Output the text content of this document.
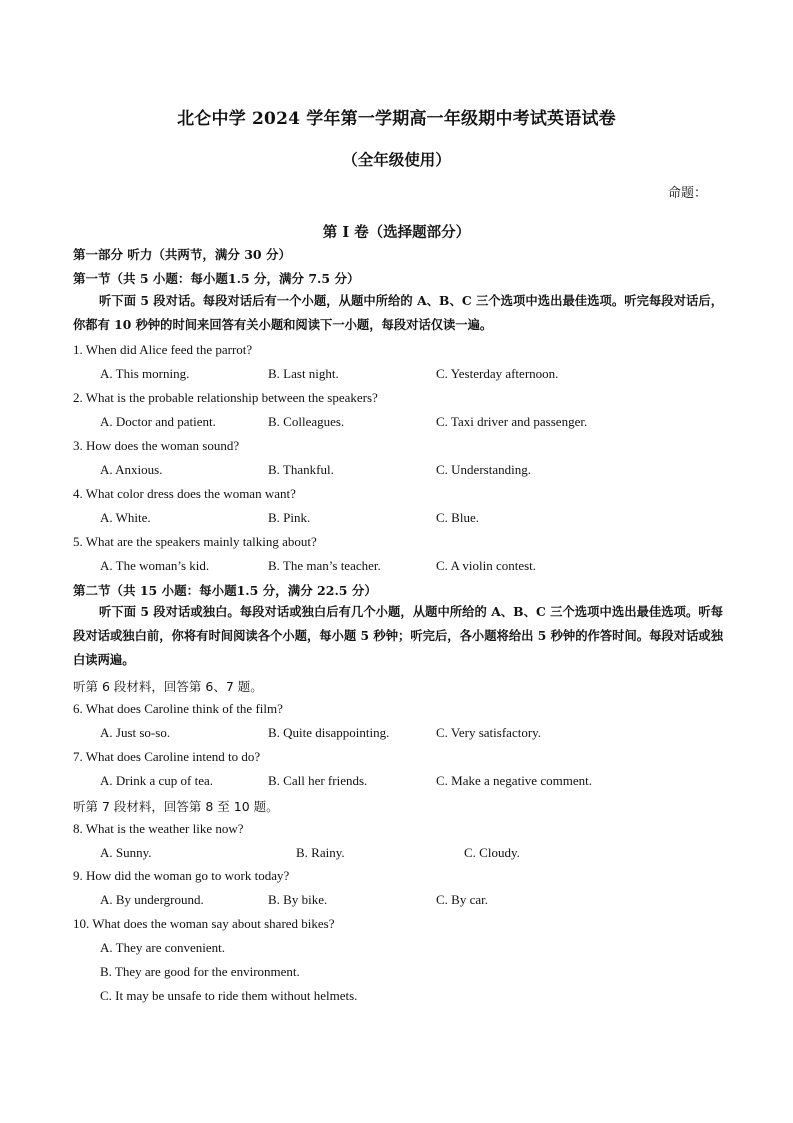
北仑中学 2024 学年第一学期高一年级期中考试英语试卷
（全年级使用）
命题：
第 I 卷（选择题部分）
第一部分 听力（共两节，满分 30 分）
第一节（共 5 小题：每小题1.5 分，满分 7.5 分）
听下面 5 段对话。每段对话后有一个小题，从题中所给的 A、B、C 三个选项中选出最佳选项。听完每段对话后，你都有 10 秒钟的时间来回答有关小题和阅读下一小题，每段对话仅读一遍。
1. When did Alice feed the parrot?
A. This morning.	B. Last night.	C. Yesterday afternoon.
2. What is the probable relationship between the speakers?
A. Doctor and patient.	B. Colleagues.	C. Taxi driver and passenger.
3. How does the woman sound?
A. Anxious.	B. Thankful.	C. Understanding.
4. What color dress does the woman want?
A. White.	B. Pink.	C. Blue.
5. What are the speakers mainly talking about?
A. The woman’s kid.	B. The man’s teacher.	C. A violin contest.
第二节（共 15 小题：每小题1.5 分，满分 22.5 分）
听下面 5 段对话或独白。每段对话或独白后有几个小题，从题中所给的 A、B、C 三个选项中选出最佳选项。听每段对话或独白前，你将有时间阅读各个小题，每小题 5 秒钟；听完后，各小题将给出 5 秒钟的作答时间。每段对话或独白读两遍。
听第 6 段材料，回答第 6、7 题。
6. What does Caroline think of the film?
A. Just so-so.	B. Quite disappointing.	C. Very satisfactory.
7. What does Caroline intend to do?
A. Drink a cup of tea.	B. Call her friends.	C. Make a negative comment.
听第 7 段材料，回答第 8 至 10 题。
8. What is the weather like now?
A. Sunny.	B. Rainy.	C. Cloudy.
9. How did the woman go to work today?
A. By underground.	B. By bike.	C. By car.
10. What does the woman say about shared bikes?
A. They are convenient.
B. They are good for the environment.
C. It may be unsafe to ride them without helmets.
